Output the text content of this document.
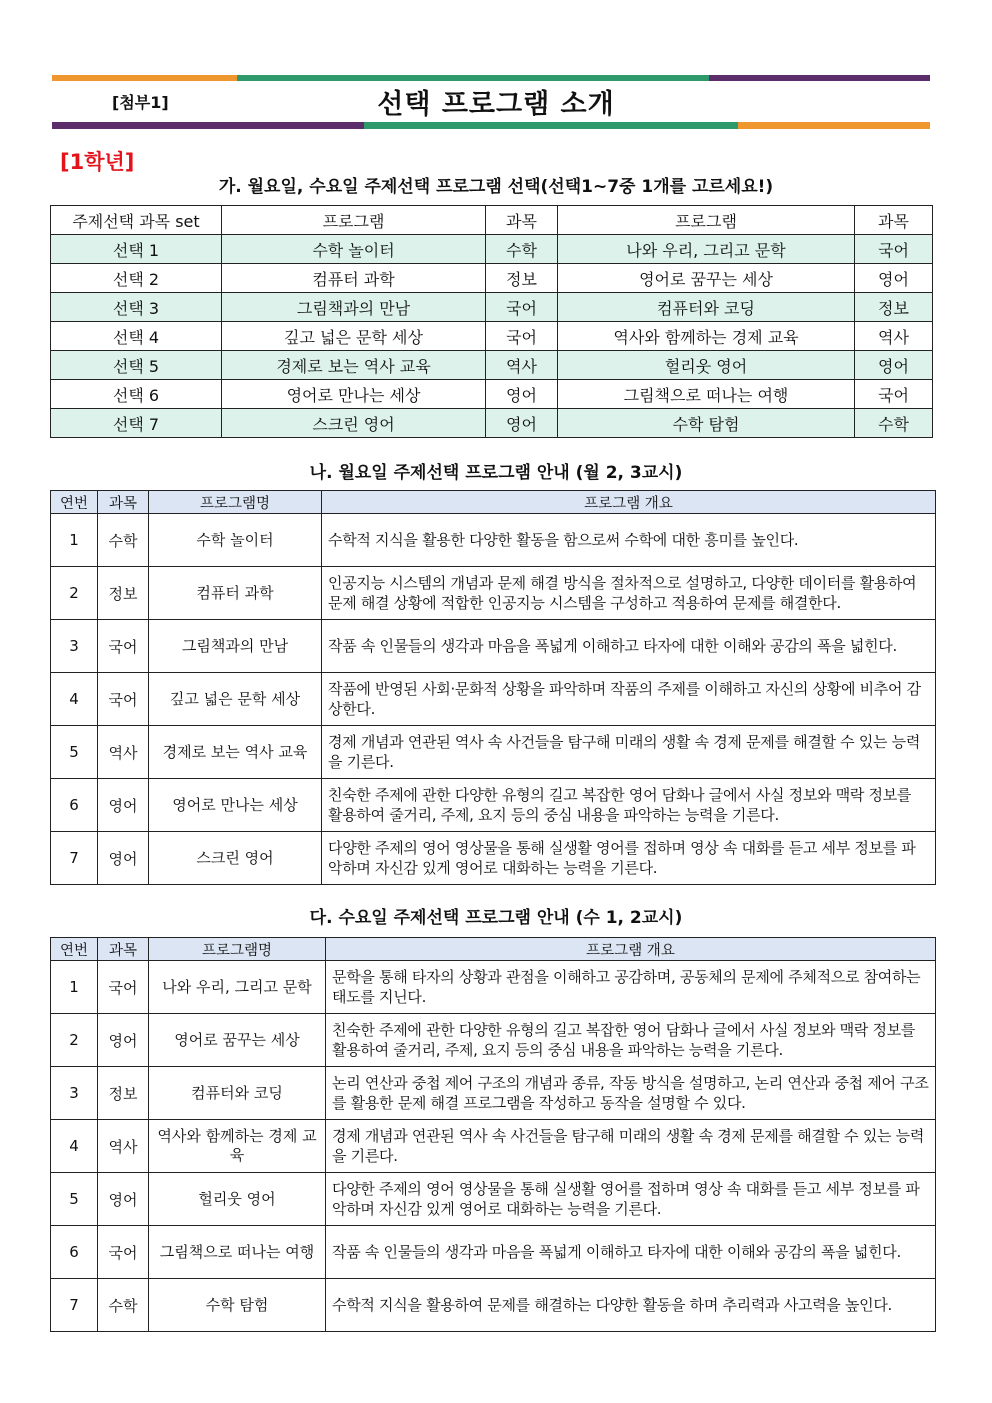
[첨부1]	선택 프로그램 소개
[1학년]
가. 월요일, 수요일 주제선택 프로그램 선택(선택1~7중 1개를 고르세요!)
주제선택 과목 set	프로그램	과목	프로그램	과목
선택 1	수학 놀이터	수학	나와 우리, 그리고 문학	국어
선택 2	컴퓨터 과학	정보	영어로 꿈꾸는 세상	영어
선택 3	그림책과의 만남	국어	컴퓨터와 코딩	정보
선택 4	깊고 넓은 문학 세상	국어	역사와 함께하는 경제 교육	역사
선택 5	경제로 보는 역사 교육	역사	헐리웃 영어	영어
선택 6	영어로 만나는 세상	영어	그림책으로 떠나는 여행	국어
선택 7	스크린 영어	영어	수학 탐험	수학
나. 월요일 주제선택 프로그램 안내 (월 2, 3교시)
연번	과목	프로그램명	프로그램 개요
1	수학	수학 놀이터	수학적 지식을 활용한 다양한 활동을 함으로써 수학에 대한 흥미를 높인다.
2	정보	컴퓨터 과학	인공지능 시스템의 개념과 문제 해결 방식을 절차적으로 설명하고, 다양한 데이터를 활용하여 문제 해결 상황에 적합한 인공지능 시스템을 구성하고 적용하여 문제를 해결한다.
3	국어	그림책과의 만남	작품 속 인물들의 생각과 마음을 폭넓게 이해하고 타자에 대한 이해와 공감의 폭을 넓힌다.
4	국어	깊고 넓은 문학 세상	작품에 반영된 사회·문화적 상황을 파악하며 작품의 주제를 이해하고 자신의 상황에 비추어 감상한다.
5	역사	경제로 보는 역사 교육	경제 개념과 연관된 역사 속 사건들을 탐구해 미래의 생활 속 경제 문제를 해결할 수 있는 능력을 기른다.
6	영어	영어로 만나는 세상	친숙한 주제에 관한 다양한 유형의 길고 복잡한 영어 담화나 글에서 사실 정보와 맥락 정보를 활용하여 줄거리, 주제, 요지 등의 중심 내용을 파악하는 능력을 기른다.
7	영어	스크린 영어	다양한 주제의 영어 영상물을 통해 실생활 영어를 접하며 영상 속 대화를 듣고 세부 정보를 파악하며 자신감 있게 영어로 대화하는 능력을 기른다.
다. 수요일 주제선택 프로그램 안내 (수 1, 2교시)
연번	과목	프로그램명	프로그램 개요
1	국어	나와 우리, 그리고 문학	문학을 통해 타자의 상황과 관점을 이해하고 공감하며, 공동체의 문제에 주체적으로 참여하는 태도를 지닌다.
2	영어	영어로 꿈꾸는 세상	친숙한 주제에 관한 다양한 유형의 길고 복잡한 영어 담화나 글에서 사실 정보와 맥락 정보를 활용하여 줄거리, 주제, 요지 등의 중심 내용을 파악하는 능력을 기른다.
3	정보	컴퓨터와 코딩	논리 연산과 중첩 제어 구조의 개념과 종류, 작동 방식을 설명하고, 논리 연산과 중첩 제어 구조를 활용한 문제 해결 프로그램을 작성하고 동작을 설명할 수 있다.
4	역사	역사와 함께하는 경제 교육	경제 개념과 연관된 역사 속 사건들을 탐구해 미래의 생활 속 경제 문제를 해결할 수 있는 능력을 기른다.
5	영어	헐리웃 영어	다양한 주제의 영어 영상물을 통해 실생활 영어를 접하며 영상 속 대화를 듣고 세부 정보를 파악하며 자신감 있게 영어로 대화하는 능력을 기른다.
6	국어	그림책으로 떠나는 여행	작품 속 인물들의 생각과 마음을 폭넓게 이해하고 타자에 대한 이해와 공감의 폭을 넓힌다.
7	수학	수학 탐험	수학적 지식을 활용하여 문제를 해결하는 다양한 활동을 하며 추리력과 사고력을 높인다.
